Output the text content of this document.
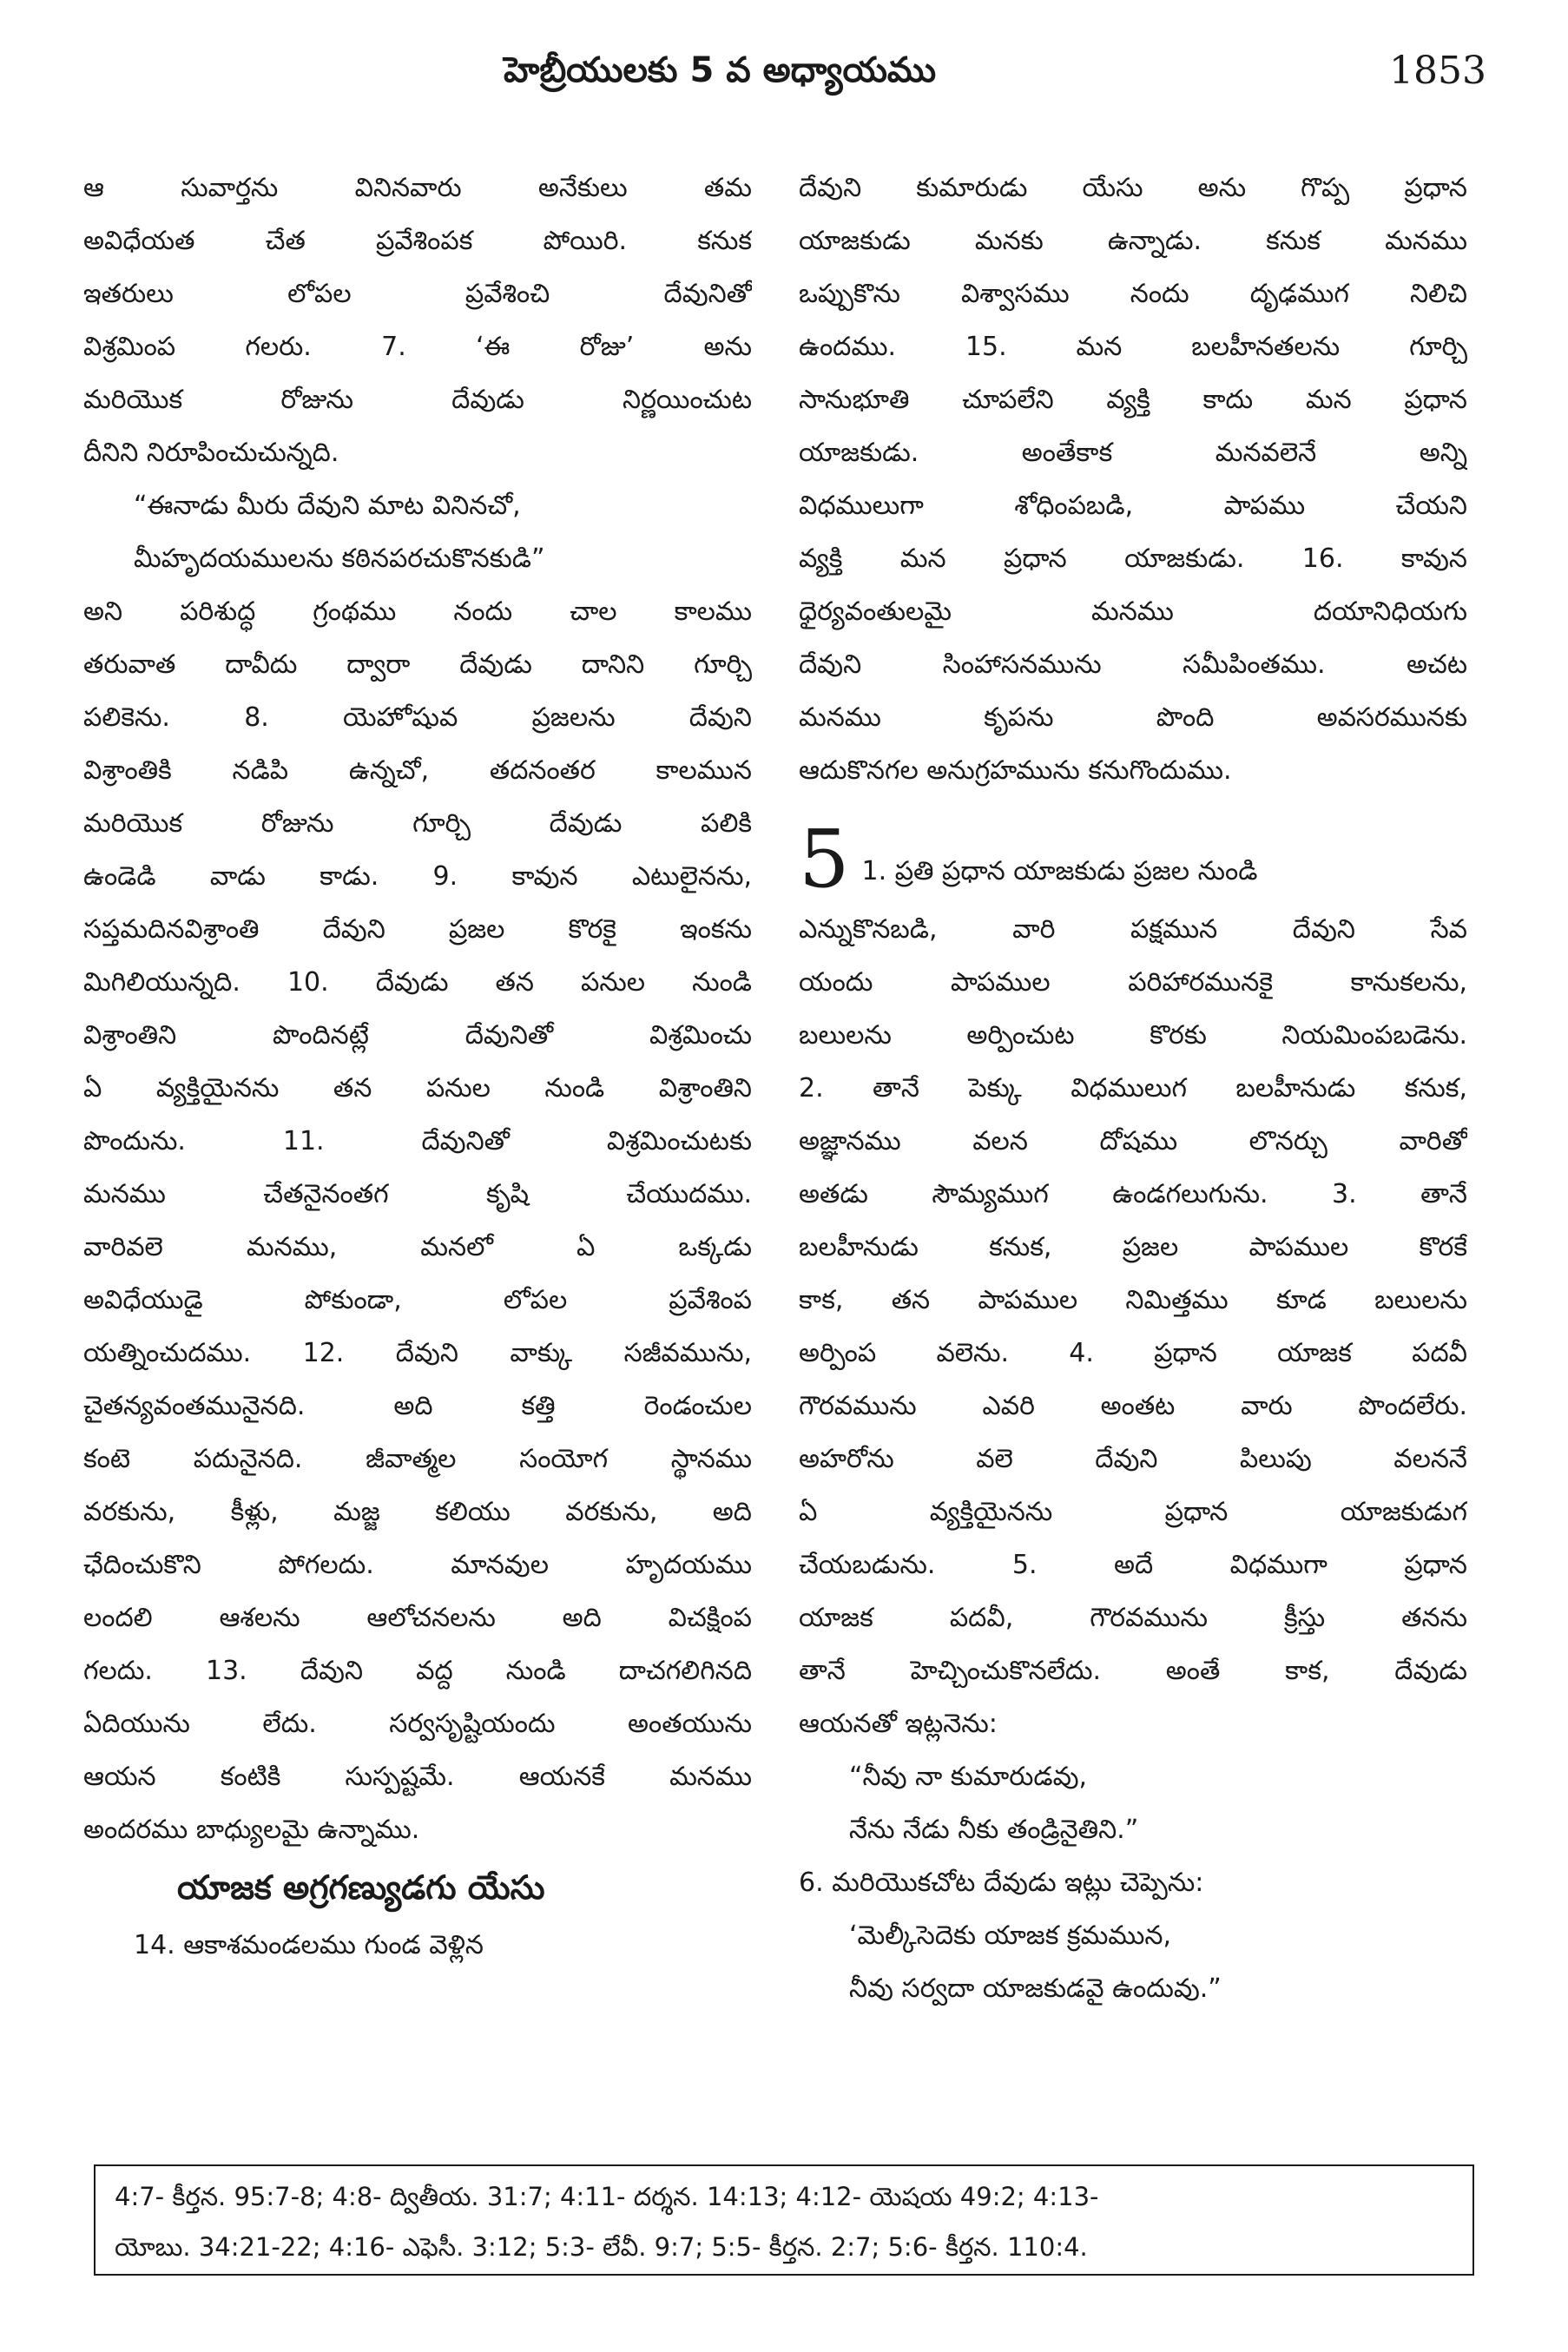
హెబ్రీయులకు 5 వ అధ్యాయము	1853
ఆ సువార్తను వినినవారు అనేకులు తమ
అవిధేయత చేత ప్రవేశింపక పోయిరి. కనుక
ఇతరులు లోపల ప్రవేశించి దేవునితో
విశ్రమింప గలరు. 7. ‘ఈ రోజు’ అను
మరియొక రోజును దేవుడు నిర్ణయించుట
దీనిని నిరూపించుచున్నది.
“ఈనాడు మీరు దేవుని మాట వినినచో,
మీహృదయములను కఠినపరచుకొనకుడి”
అని పరిశుద్ధ గ్రంథము నందు చాల కాలము
తరువాత దావీదు ద్వారా దేవుడు దానిని గూర్చి
పలికెను. 8. యెహోషువ ప్రజలను దేవుని
విశ్రాంతికి నడిపి ఉన్నచో, తదనంతర కాలమున
మరియొక రోజును గూర్చి దేవుడు పలికి
ఉండెడి వాడు కాడు. 9. కావున ఎటులైనను,
సప్తమదినవిశ్రాంతి దేవుని ప్రజల కొరకై ఇంకను
మిగిలియున్నది. 10. దేవుడు తన పనుల నుండి
విశ్రాంతిని పొందినట్లే దేవునితో విశ్రమించు
ఏ వ్యక్తియైనను తన పనుల నుండి విశ్రాంతిని
పొందును. 11. దేవునితో విశ్రమించుటకు
మనము చేతనైనంతగ కృషి చేయుదము.
వారివలె మనము, మనలో ఏ ఒక్కడు
అవిధేయుడై పోకుండా, లోపల ప్రవేశింప
యత్నించుదము. 12. దేవుని వాక్కు సజీవమును,
చైతన్యవంతమునైనది. అది కత్తి రెండంచుల
కంటె పదునైనది. జీవాత్మల సంయోగ స్థానము
వరకును, కీళ్లు, మజ్జ కలియు వరకును, అది
ఛేదించుకొని పోగలదు. మానవుల హృదయము
లందలి ఆశలను ఆలోచనలను అది విచక్షింప
గలదు. 13. దేవుని వద్ద నుండి దాచగలిగినది
ఏదియును లేదు. సర్వసృష్టియందు అంతయును
ఆయన కంటికి సుస్పష్టమే. ఆయనకే మనము
అందరము బాధ్యులమై ఉన్నాము.
యాజక అగ్రగణ్యుడగు యేసు
14. ఆకాశమండలము గుండ వెళ్లిన
దేవుని కుమారుడు యేసు అను గొప్ప ప్రధాన
యాజకుడు మనకు ఉన్నాడు. కనుక మనము
ఒప్పుకొను విశ్వాసము నందు దృఢముగ నిలిచి
ఉందము. 15. మన బలహీనతలను గూర్చి
సానుభూతి చూపలేని వ్యక్తి కాదు మన ప్రధాన
యాజకుడు. అంతేకాక మనవలెనే అన్ని
విధములుగా శోధింపబడి, పాపము చేయని
వ్యక్తి మన ప్రధాన యాజకుడు. 16. కావున
ధైర్యవంతులమై మనము దయానిధియగు
దేవుని సింహాసనమును సమీపింతము. అచట
మనము కృపను పొంది అవసరమునకు
ఆదుకొనగల అనుగ్రహమును కనుగొందుము.
5 1. ప్రతి ప్రధాన యాజకుడు ప్రజల నుండి
ఎన్నుకొనబడి, వారి పక్షమున దేవుని సేవ
యందు పాపముల పరిహారమునకై కానుకలను,
బలులను అర్పించుట కొరకు నియమింపబడెను.
2. తానే పెక్కు విధములుగ బలహీనుడు కనుక,
అజ్ఞానము వలన దోషము లొనర్చు వారితో
అతడు సౌమ్యముగ ఉండగలుగును. 3. తానే
బలహీనుడు కనుక, ప్రజల పాపముల కొరకే
కాక, తన పాపముల నిమిత్తము కూడ బలులను
అర్పింప వలెను. 4. ప్రధాన యాజక పదవీ
గౌరవమును ఎవరి అంతట వారు పొందలేరు.
అహరోను వలె దేవుని పిలుపు వలననే
ఏ వ్యక్తియైనను ప్రధాన యాజకుడుగ
చేయబడును. 5. అదే విధముగా ప్రధాన
యాజక పదవీ, గౌరవమును క్రీస్తు తనను
తానే హెచ్చించుకొనలేదు. అంతే కాక, దేవుడు
ఆయనతో ఇట్లనెను:
“నీవు నా కుమారుడవు,
నేను నేడు నీకు తండ్రినైతిని.”
6. మరియొకచోట దేవుడు ఇట్లు చెప్పెను:
‘మెల్కీసెదెకు యాజక క్రమమున,
నీవు సర్వదా యాజకుడవై ఉందువు.”
4:7- కీర్తన. 95:7-8; 4:8- ద్వితీయ. 31:7; 4:11- దర్శన. 14:13; 4:12- యెషయ 49:2; 4:13-
యోబు. 34:21-22; 4:16- ఎఫెసీ. 3:12; 5:3- లేవీ. 9:7; 5:5- కీర్తన. 2:7; 5:6- కీర్తన. 110:4.
